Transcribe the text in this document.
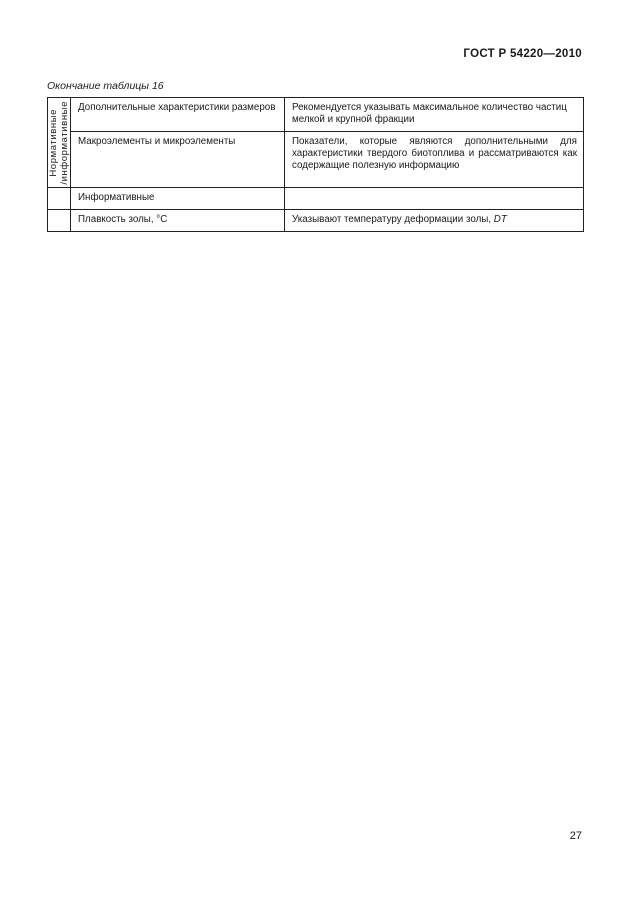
ГОСТ Р 54220—2010
Окончание таблицы 16
Нормативные
/информативные	Дополнительные характеристики размеров	Рекомендуется указывать максимальное количество частиц мелкой и крупной фракции
	Макроэлементы и микроэлементы	Показатели, которые являются дополнительными для характеристики твердого биотоплива и рассматриваются как содержащие полезную информацию
	Информативные	
	Плавкость золы, °С	Указывают температуру деформации золы, DT
27
